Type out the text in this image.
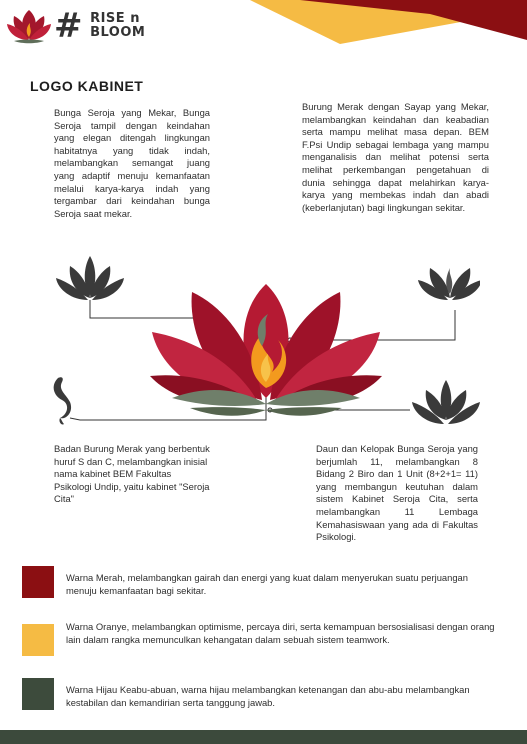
# RISE n
BLOOM
LOGO KABINET

Bunga Seroja yang Mekar, Bunga Seroja tampil dengan keindahan yang elegan ditengah lingkungan habitatnya yang tidak indah, melambangkan semangat juang yang adaptif menuju kemanfaatan melalui karya-karya indah yang tergambar dari keindahan bunga Seroja saat mekar.

Burung Merak dengan Sayap yang Mekar, melambangkan keindahan dan keabadian serta mampu melihat masa depan. BEM F.Psi Undip sebagai lembaga yang mampu menganalisis dan melihat potensi serta melihat perkembangan pengetahuan di dunia sehingga dapat melahirkan karya-karya yang membekas indah dan abadi (keberlanjutan) bagi lingkungan sekitar.

Badan Burung Merak yang berbentuk huruf S dan C, melambangkan inisial nama kabinet BEM Fakultas Psikologi Undip, yaitu kabinet "Seroja Cita"

Daun dan Kelopak Bunga Seroja yang berjumlah 11, melambangkan 8 Bidang 2 Biro dan 1 Unit (8+2+1= 11) yang membangun keutuhan dalam sistem Kabinet Seroja Cita, serta melambangkan 11 Lembaga Kemahasiswaan yang ada di Fakultas Psikologi.

Warna Merah, melambangkan gairah dan energi yang kuat dalam menyerukan suatu perjuangan menuju kemanfaatan bagi sekitar.

Warna Oranye, melambangkan optimisme, percaya diri, serta kemampuan bersosialisasi dengan orang lain dalam rangka memunculkan kehangatan dalam sebuah sistem teamwork.

Warna Hijau Keabu-abuan, warna hijau melambangkan ketenangan dan abu-abu melambangkan kestabilan dan kemandirian serta tanggung jawab.
